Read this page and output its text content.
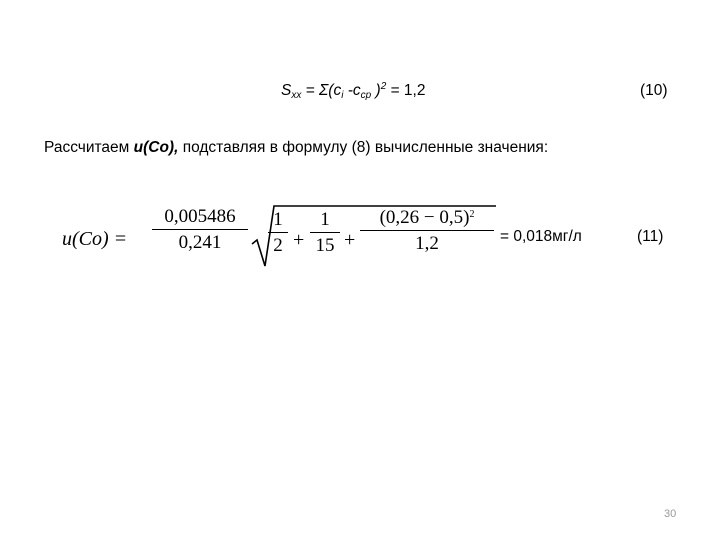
$S_{xx} = \Sigma(c_i$ $-c_{cp}$ )$^2$ = 1,2	(10)
Рассчитаем u(Co), подставляя в формулу (8) вычисленные значения:
u(Co) =
0,005486
0,241
1
2 +
1
15 +
$(0,26 - 0,5)^2$
1,2	= 0,018мг/л	(11)
30
